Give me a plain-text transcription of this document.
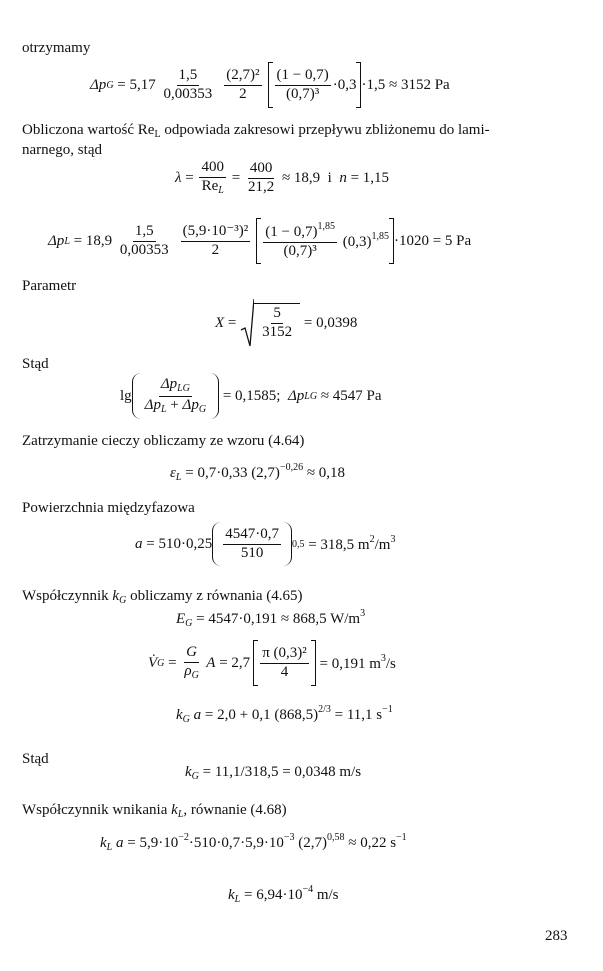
otrzymamy
Δp $G = 5,17 \frac{1,5}{0,00353} \frac{\text{(2,7)²}}{2} \frac{(1 - 0,7)}{\text{(0,7)³}} \cdot 0,3 \cdot 1,5 \approx 3152$ Pa
Obliczona wartość $Re_L$ odpowiada zakresowi przepływu zbliżonemu do lami-
narnego, stąd
$\lambda = \frac{400}{Re_L} = \frac{400}{21,2} \approx 18,9$  i n = 1,15
Δp $L = 18,9 \frac{1,5}{0,00353} \frac{\text{(5,9·10⁻³)²}}{2} \frac{(1 - 0,7)^{1,85}}{\text{(0,7)³}} (0,3)^{1,85} \cdot 1020 = 5$ Pa
Parametr
$X = \frac{5}{3152} = 0,0398$
Stąd
$\lg \frac{\Delta p_{LG}}{\Delta p_L + \Delta p_G} = 0,1585$; Δp LG ≈ 4547 Pa
Zatrzymanie cieczy obliczamy ze wzoru (4.64)
$\varepsilon_L = 0,7\cdot 0,33$ $(2,7)^{-0,26} \approx 0,18$
Powierzchnia międzyfazowa
$a = 510\cdot 0,25 \frac{4547\cdot 0,7}{510} 0,5 = 318,5$ $m^2/m^3$
Współczynnik $k_G$ obliczamy z równania (4.65)
$E_G = 4547\cdot 0,191 \approx 868,5$ $W/m^3$
V̇ $G = \frac{G}{\rho_G}$ $A = 2,7 \frac{\text{π (0,3)²}}{4} = 0,191$ $m^3/s$
$k_G$ a = 2,0 + 0,1 $(868,5)^{2/3} = 11,1$ $s^{-1}$
Stąd
$k_G = 11,1/318,5 = 0,0348$ m/s
Współczynnik wnikania $k_L$, równanie (4.68)
$k_L$ $a = 5,9\cdot 10^{-2}\cdot 510\cdot 0,7\cdot 5,9\cdot 10^{-3}$ $(2,7)^{0,58} \approx 0,22$ $s^{-1}$
$k_L = 6,94\cdot 10^{-4}$ m/s
283
